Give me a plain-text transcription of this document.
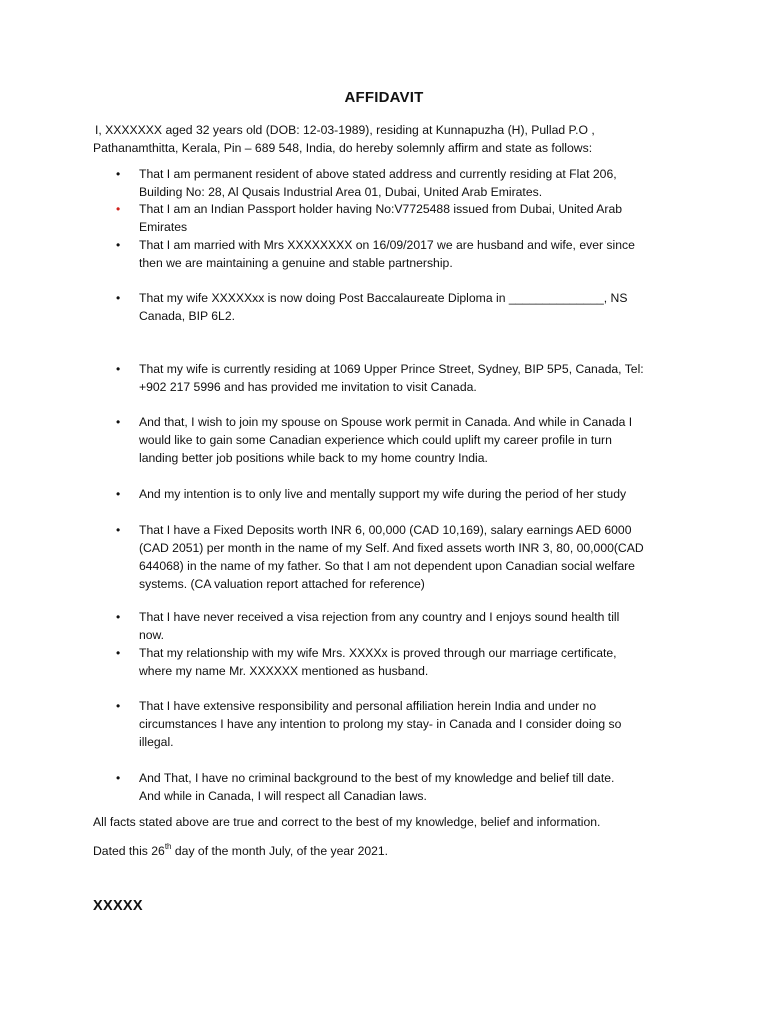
AFFIDAVIT

I, XXXXXXX aged 32 years old (DOB: 12-03-1989), residing at Kunnapuzha (H), Pullad P.O ,
Pathanamthitta, Kerala, Pin – 689 548, India, do hereby solemnly affirm and state as follows:

• That I am permanent resident of above stated address and currently residing at Flat 206,
Building No: 28, Al Qusais Industrial Area 01, Dubai, United Arab Emirates.
• That I am an Indian Passport holder having No:V7725488 issued from Dubai, United Arab
Emirates
• That I am married with Mrs XXXXXXXX on 16/09/2017 we are husband and wife, ever since
then we are maintaining a genuine and stable partnership.
• That my wife XXXXXxx is now doing Post Baccalaureate Diploma in ______________, NS
Canada, BIP 6L2.
• That my wife is currently residing at 1069 Upper Prince Street, Sydney, BIP 5P5, Canada, Tel:
+902 217 5996 and has provided me invitation to visit Canada.
• And that, I wish to join my spouse on Spouse work permit in Canada. And while in Canada I
would like to gain some Canadian experience which could uplift my career profile in turn
landing better job positions while back to my home country India.
• And my intention is to only live and mentally support my wife during the period of her study
• That I have a Fixed Deposits worth INR 6, 00,000 (CAD 10,169), salary earnings AED 6000
(CAD 2051) per month in the name of my Self. And fixed assets worth INR 3, 80, 00,000(CAD
644068) in the name of my father. So that I am not dependent upon Canadian social welfare
systems. (CA valuation report attached for reference)
• That I have never received a visa rejection from any country and I enjoys sound health till
now.
• That my relationship with my wife Mrs. XXXXx is proved through our marriage certificate,
where my name Mr. XXXXXX mentioned as husband.
• That I have extensive responsibility and personal affiliation herein India and under no
circumstances I have any intention to prolong my stay- in Canada and I consider doing so
illegal.
• And That, I have no criminal background to the best of my knowledge and belief till date.
And while in Canada, I will respect all Canadian laws.
All facts stated above are true and correct to the best of my knowledge, belief and information.
Dated this 26th day of the month July, of the year 2021.
XXXXX
